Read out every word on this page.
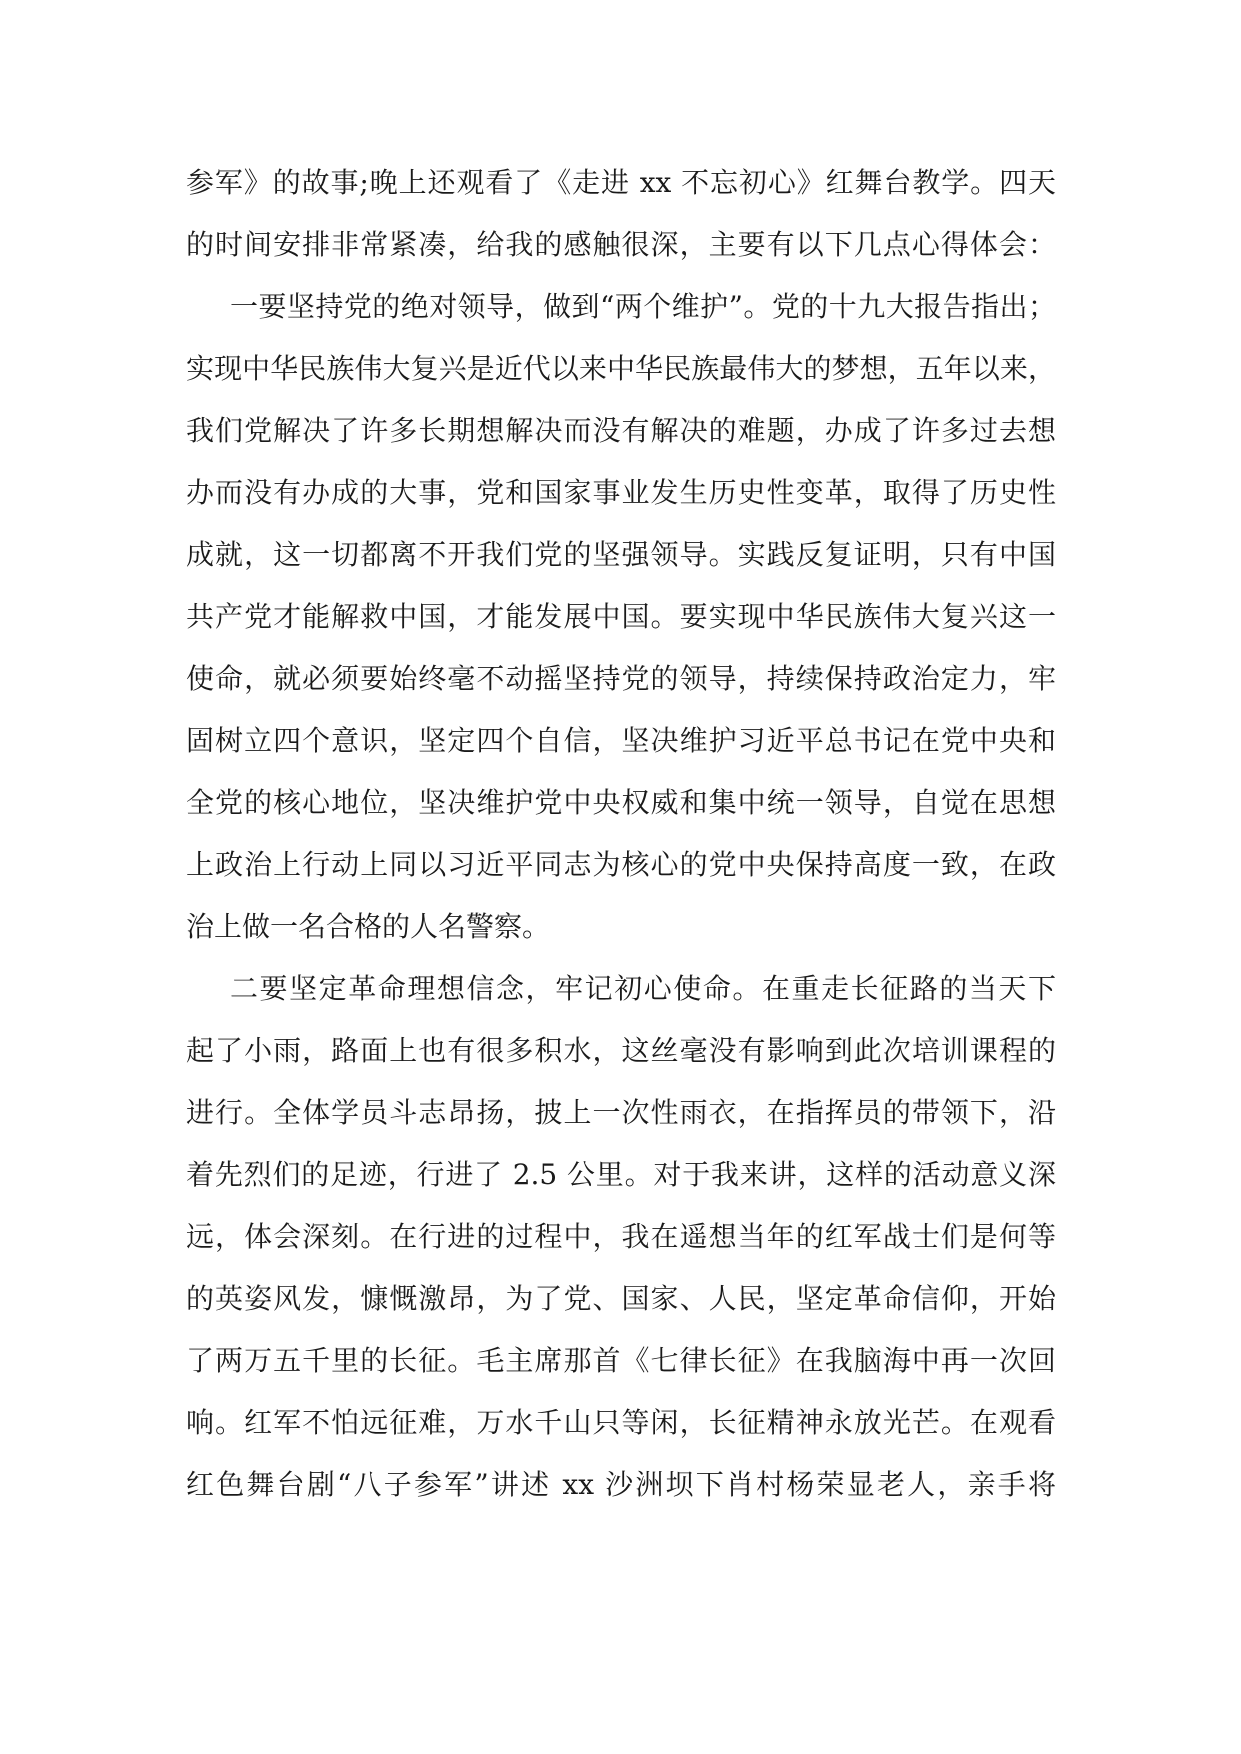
参军》的故事;晚上还观看了《走进 xx 不忘初心》红舞台教学。四天
的时间安排非常紧凑，给我的感触很深，主要有以下几点心得体会：
一要坚持党的绝对领导，做到“两个维护”。党的十九大报告指出；
实现中华民族伟大复兴是近代以来中华民族最伟大的梦想，五年以来，
我们党解决了许多长期想解决而没有解决的难题，办成了许多过去想
办而没有办成的大事，党和国家事业发生历史性变革，取得了历史性
成就，这一切都离不开我们党的坚强领导。实践反复证明，只有中国
共产党才能解救中国，才能发展中国。要实现中华民族伟大复兴这一
使命，就必须要始终毫不动摇坚持党的领导，持续保持政治定力，牢
固树立四个意识，坚定四个自信，坚决维护习近平总书记在党中央和
全党的核心地位，坚决维护党中央权威和集中统一领导，自觉在思想
上政治上行动上同以习近平同志为核心的党中央保持高度一致，在政
治上做一名合格的人名警察。
二要坚定革命理想信念，牢记初心使命。在重走长征路的当天下
起了小雨，路面上也有很多积水，这丝毫没有影响到此次培训课程的
进行。全体学员斗志昂扬，披上一次性雨衣，在指挥员的带领下，沿
着先烈们的足迹，行进了 2.5 公里。对于我来讲，这样的活动意义深
远，体会深刻。在行进的过程中，我在遥想当年的红军战士们是何等
的英姿风发，慷慨激昂，为了党、国家、人民，坚定革命信仰，开始
了两万五千里的长征。毛主席那首《七律长征》在我脑海中再一次回
响。红军不怕远征难，万水千山只等闲，长征精神永放光芒。在观看
红色舞台剧“八子参军”讲述 xx 沙洲坝下肖村杨荣显老人，亲手将
